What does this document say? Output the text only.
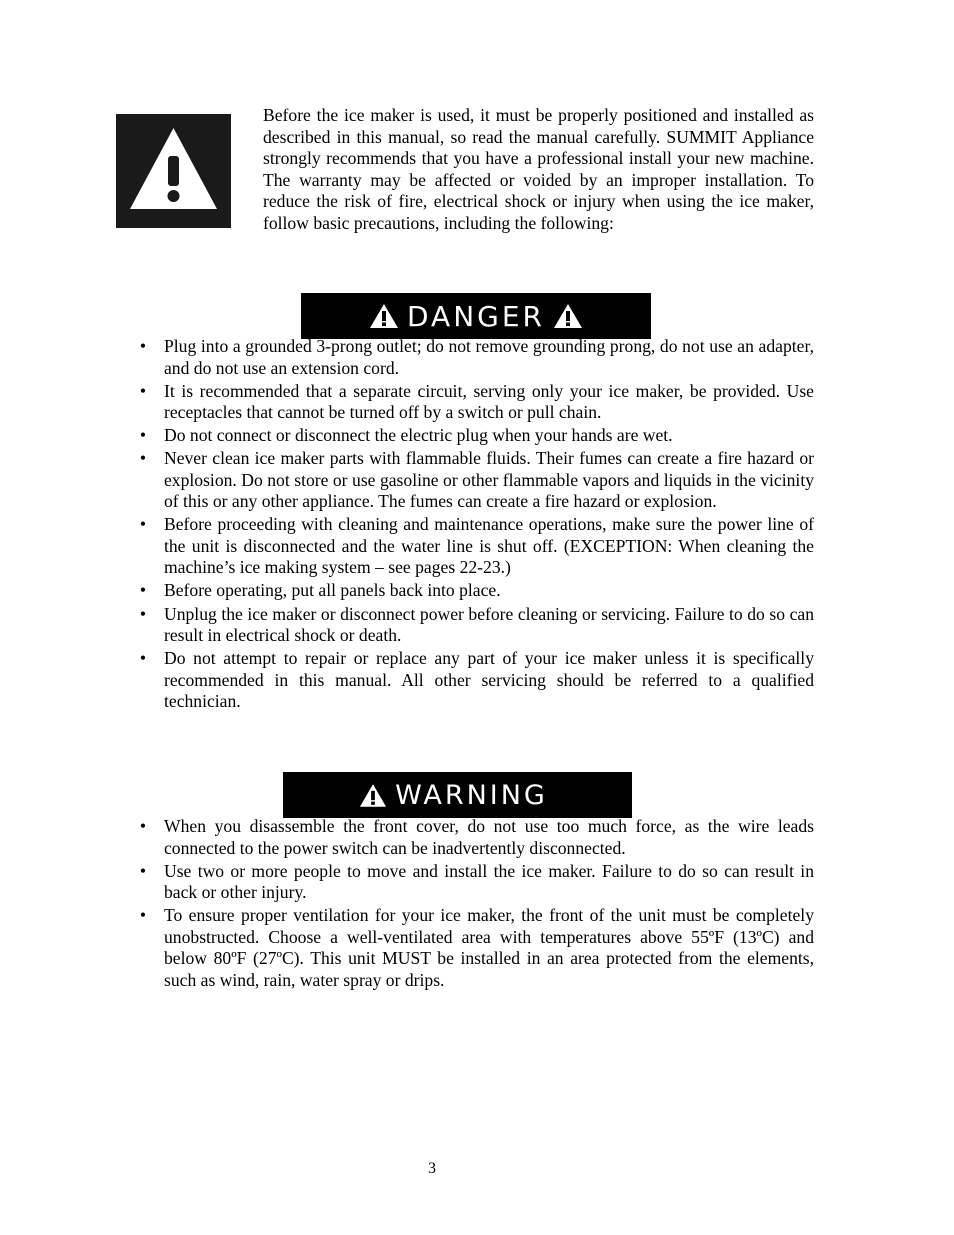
Before the ice maker is used, it must be properly positioned and installed as described in this manual, so read the manual carefully. SUMMIT Appliance strongly recommends that you have a professional install your new machine. The warranty may be affected or voided by an improper installation. To reduce the risk of fire, electrical shock or injury when using the ice maker, follow basic precautions, including the following:

DANGER
• Plug into a grounded 3-prong outlet; do not remove grounding prong, do not use an adapter, and do not use an extension cord.
• It is recommended that a separate circuit, serving only your ice maker, be provided. Use receptacles that cannot be turned off by a switch or pull chain.
• Do not connect or disconnect the electric plug when your hands are wet.
• Never clean ice maker parts with flammable fluids. Their fumes can create a fire hazard or explosion. Do not store or use gasoline or other flammable vapors and liquids in the vicinity of this or any other appliance. The fumes can create a fire hazard or explosion.
• Before proceeding with cleaning and maintenance operations, make sure the power line of the unit is disconnected and the water line is shut off. (EXCEPTION: When cleaning the machine’s ice making system – see pages 22-23.)
• Before operating, put all panels back into place.
• Unplug the ice maker or disconnect power before cleaning or servicing. Failure to do so can result in electrical shock or death.
• Do not attempt to repair or replace any part of your ice maker unless it is specifically recommended in this manual. All other servicing should be referred to a qualified technician.
WARNING
• When you disassemble the front cover, do not use too much force, as the wire leads connected to the power switch can be inadvertently disconnected.
• Use two or more people to move and install the ice maker. Failure to do so can result in back or other injury.
• To ensure proper ventilation for your ice maker, the front of the unit must be completely unobstructed. Choose a well-ventilated area with temperatures above 55ºF (13ºC) and below 80ºF (27ºC). This unit MUST be installed in an area protected from the elements, such as wind, rain, water spray or drips.
3
